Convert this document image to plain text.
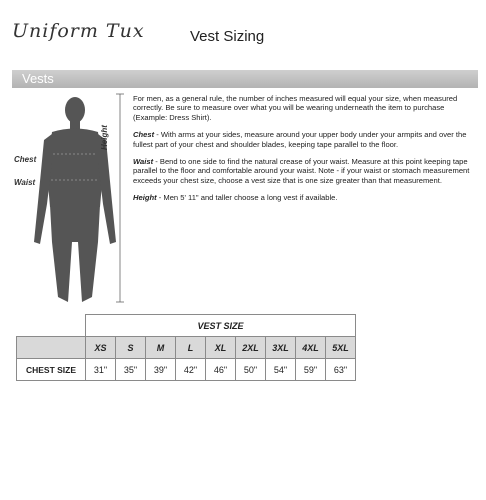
Uniform Tux	Vest Sizing
Vests
Chest
Waist
Height

For men, as a general rule, the number of inches measured will equal your size, when measured correctly. Be sure to measure over what you will be wearing underneath the item to purchase (Example: Dress Shirt).

Chest - With arms at your sides, measure around your upper body under your armpits and over the fullest part of your chest and shoulder blades, keeping tape parallel to the floor.

Waist - Bend to one side to find the natural crease of your waist. Measure at this point keeping tape parallel to the floor and comfortable around your waist. Note - if your waist or stomach measurement exceeds your chest size, choose a vest size that is one size greater than that measurement.

Height - Men 5' 11" and taller choose a long vest if available.

	VEST SIZE								
	XS	S	M	L	XL	2XL	3XL	4XL	5XL
CHEST SIZE	31"	35"	39"	42"	46"	50"	54"	59"	63"
